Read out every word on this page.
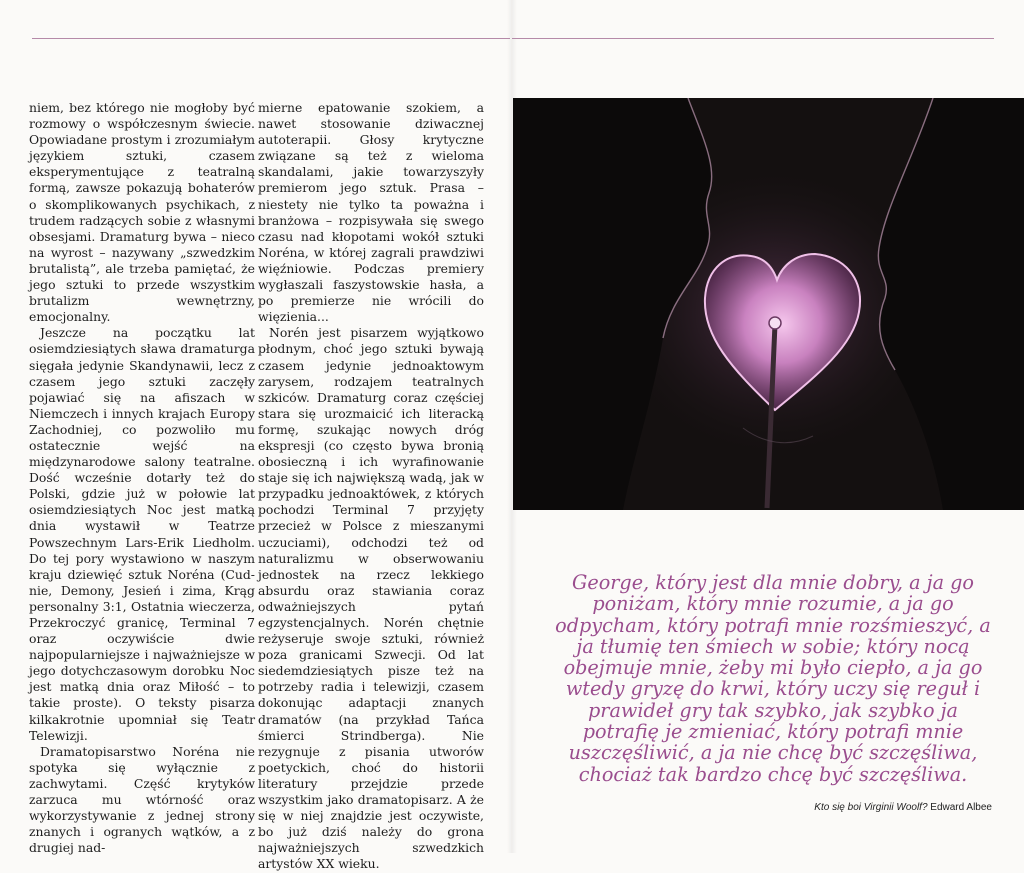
niem, bez którego nie mogłoby być rozmowy o współczesnym świecie. Opowiadane prostym i zrozumiałym językiem sztuki, czasem eksperymentujące z teatralną formą, zawsze pokazują bohaterów o skomplikowanych psychikach, z trudem radzących sobie z własnymi obsesjami. Dramaturg bywa – nieco na wyrost – nazywany „szwedzkim brutalistą”, ale trzeba pamiętać, że jego sztuki to przede wszystkim brutalizm wewnętrzny, emocjonalny.

Jeszcze na początku lat osiemdziesiątych sława dramaturga sięgała jedynie Skandynawii, lecz z czasem jego sztuki zaczęły pojawiać się na afiszach w Niemczech i innych krajach Europy Zachodniej, co pozwoliło mu ostatecznie wejść na międzynarodowe salony teatralne. Dość wcześnie dotarły też do Polski, gdzie już w połowie lat osiemdziesiątych Noc jest matką dnia wystawił w Teatrze Powszechnym Lars-Erik Liedholm. Do tej pory wystawiono w naszym kraju dziewięć sztuk Noréna (Cud-nie, Demony, Jesień i zima, Krąg personalny 3:1, Ostatnia wieczerza, Przekroczyć granicę, Terminal 7 oraz oczywiście dwie najpopularniejsze i najważniejsze w jego dotychczasowym dorobku Noc jest matką dnia oraz Miłość – to takie proste). O teksty pisarza kilkakrotnie upomniał się Teatr Telewizji.

Dramatopisarstwo Noréna nie spotyka się wyłącznie z zachwytami. Część krytyków zarzuca mu wtórność oraz wykorzystywanie z jednej strony znanych i ogranych wątków, a z drugiej nad-

mierne epatowanie szokiem, a nawet stosowanie dziwacznej autoterapii. Głosy krytyczne związane są też z wieloma skandalami, jakie towarzyszyły premierom jego sztuk. Prasa – niestety nie tylko ta poważna i branżowa – rozpisywała się swego czasu nad kłopotami wokół sztuki Noréna, w której zagrali prawdziwi więźniowie. Podczas premiery wygłaszali faszystowskie hasła, a po premierze nie wrócili do więzienia...

Norén jest pisarzem wyjątkowo płodnym, choć jego sztuki bywają czasem jedynie jednoaktowym zarysem, rodzajem teatralnych szkiców. Dramaturg coraz częściej stara się urozmaicić ich literacką formę, szukając nowych dróg ekspresji (co często bywa bronią obosieczną i ich wyrafinowanie staje się ich największą wadą, jak w przypadku jednoaktówek, z których pochodzi Terminal 7 przyjęty przecież w Polsce z mieszanymi uczuciami), odchodzi też od naturalizmu w obserwowaniu jednostek na rzecz lekkiego absurdu oraz stawiania coraz odważniejszych pytań egzystencjalnych. Norén chętnie reżyseruje swoje sztuki, również poza granicami Szwecji. Od lat siedemdziesiątych pisze też na potrzeby radia i telewizji, czasem dokonując adaptacji znanych dramatów (na przykład Tańca śmierci Strindberga). Nie rezygnuje z pisania utworów poetyckich, choć do historii literatury przejdzie przede wszystkim jako dramatopisarz. A że się w niej znajdzie jest oczywiste, bo już dziś należy do grona najważniejszych szwedzkich artystów XX wieku.

George, który jest dla mnie dobry, a ja go poniżam, który mnie rozumie, a ja go odpycham, który potrafi mnie rozśmieszyć, a ja tłumię ten śmiech w sobie; który nocą obejmuje mnie, żeby mi było ciepło, a ja go wtedy gryzę do krwi, który uczy się reguł i prawideł gry tak szybko, jak szybko ja potrafię je zmieniać, który potrafi mnie uszczęśliwić, a ja nie chcę być szczęśliwa, chociaż tak bardzo chcę być szczęśliwa.

Kto się boi Virginii Woolf? Edward Albee
